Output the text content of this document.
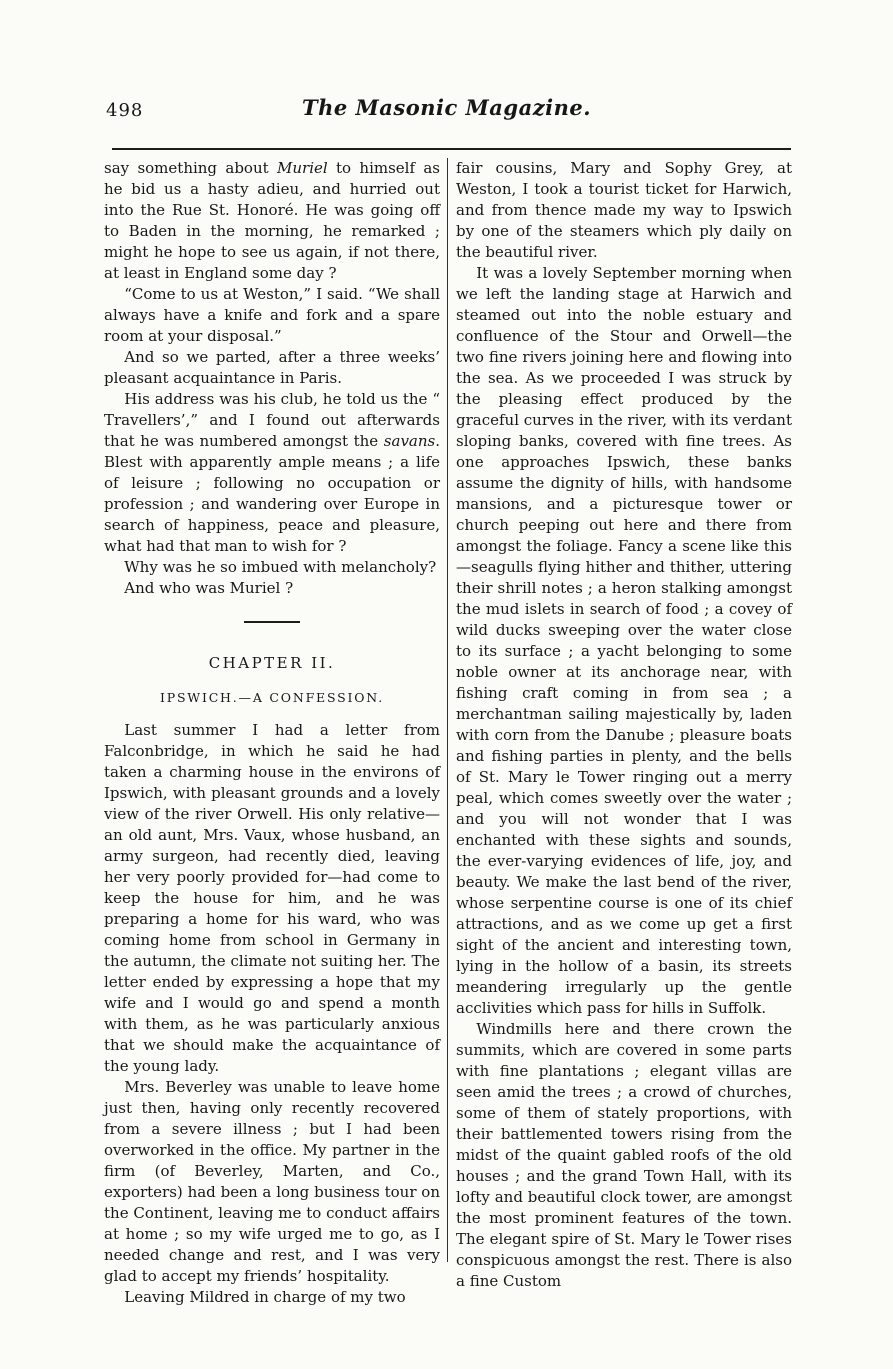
498	The Masonic Magazine.

say something about Muriel to himself as he bid us a hasty adieu, and hurried out into the Rue St. Honoré. He was going off to Baden in the morning, he remarked ; might he hope to see us again, if not there, at least in England some day ?

“Come to us at Weston,” I said. “We shall always have a knife and fork and a spare room at your disposal.”

And so we parted, after a three weeks’ pleasant acquaintance in Paris.

His address was his club, he told us the “ Travellers’,” and I found out afterwards that he was numbered amongst the savans. Blest with apparently ample means ; a life of leisure ; following no occupation or profession ; and wandering over Europe in search of happiness, peace and pleasure, what had that man to wish for ?

Why was he so imbued with melancholy?

And who was Muriel ?

CHAPTER II.
IPSWICH.—A CONFESSION.

Last summer I had a letter from Falconbridge, in which he said he had taken a charming house in the environs of Ipswich, with pleasant grounds and a lovely view of the river Orwell. His only relative—an old aunt, Mrs. Vaux, whose husband, an army surgeon, had recently died, leaving her very poorly provided for—had come to keep the house for him, and he was preparing a home for his ward, who was coming home from school in Germany in the autumn, the climate not suiting her. The letter ended by expressing a hope that my wife and I would go and spend a month with them, as he was particularly anxious that we should make the acquaintance of the young lady.

Mrs. Beverley was unable to leave home just then, having only recently recovered from a severe illness ; but I had been overworked in the office. My partner in the firm (of Beverley, Marten, and Co., exporters) had been a long business tour on the Continent, leaving me to conduct affairs at home ; so my wife urged me to go, as I needed change and rest, and I was very glad to accept my friends’ hospitality.

Leaving Mildred in charge of my two

fair cousins, Mary and Sophy Grey, at Weston, I took a tourist ticket for Harwich, and from thence made my way to Ipswich by one of the steamers which ply daily on the beautiful river.

It was a lovely September morning when we left the landing stage at Harwich and steamed out into the noble estuary and confluence of the Stour and Orwell—the two fine rivers joining here and flowing into the sea. As we proceeded I was struck by the pleasing effect produced by the graceful curves in the river, with its verdant sloping banks, covered with fine trees. As one approaches Ipswich, these banks assume the dignity of hills, with handsome mansions, and a picturesque tower or church peeping out here and there from amongst the foliage. Fancy a scene like this—seagulls flying hither and thither, uttering their shrill notes ; a heron stalking amongst the mud islets in search of food ; a covey of wild ducks sweeping over the water close to its surface ; a yacht belonging to some noble owner at its anchorage near, with fishing craft coming in from sea ; a merchantman sailing majestically by, laden with corn from the Danube ; pleasure boats and fishing parties in plenty, and the bells of St. Mary le Tower ringing out a merry peal, which comes sweetly over the water ; and you will not wonder that I was enchanted with these sights and sounds, the ever-varying evidences of life, joy, and beauty. We make the last bend of the river, whose serpentine course is one of its chief attractions, and as we come up get a first sight of the ancient and interesting town, lying in the hollow of a basin, its streets meandering irregularly up the gentle acclivities which pass for hills in Suffolk.

Windmills here and there crown the summits, which are covered in some parts with fine plantations ; elegant villas are seen amid the trees ; a crowd of churches, some of them of stately proportions, with their battlemented towers rising from the midst of the quaint gabled roofs of the old houses ; and the grand Town Hall, with its lofty and beautiful clock tower, are amongst the most prominent features of the town. The elegant spire of St. Mary le Tower rises conspicuous amongst the rest. There is also a fine Custom
